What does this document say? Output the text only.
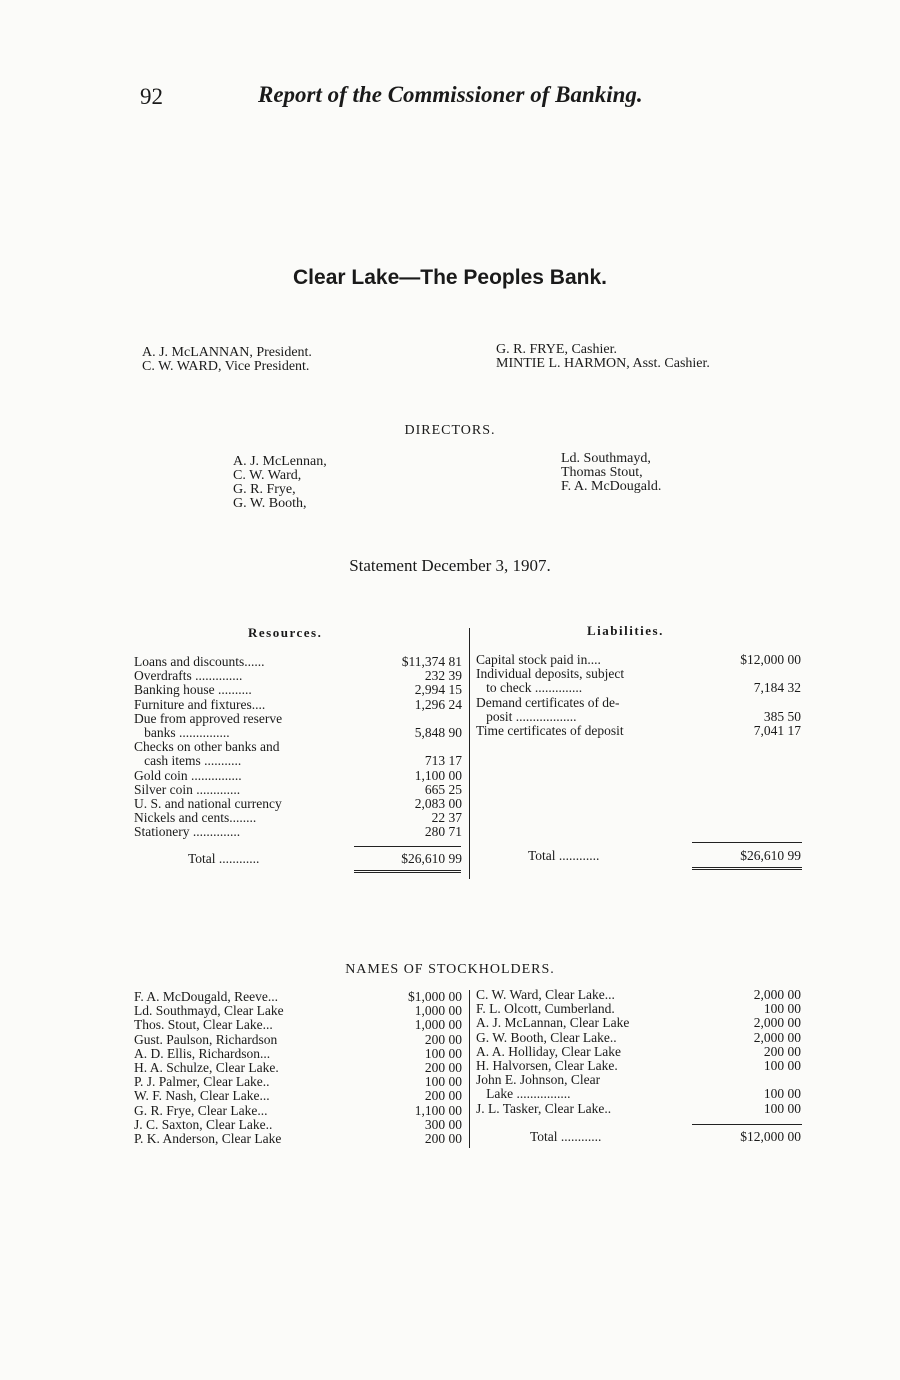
92	Report of the Commissioner of Banking.
Clear Lake—The Peoples Bank.
A. J. McLANNAN, President.
C. W. WARD, Vice President.
G. R. FRYE, Cashier.
MINTIE L. HARMON, Asst. Cashier.
DIRECTORS.
A. J. McLennan,
C. W. Ward,
G. R. Frye,
G. W. Booth,
Ld. Southmayd,
Thomas Stout,
F. A. McDougald.
Statement December 3, 1907.
Resources.	Liabilities.
Loans and discounts......	$11,374 81
Overdrafts ..............	232 39
Banking house ..........	2,994 15
Furniture and fixtures....	1,296 24
Due from approved reserve
banks ...............	5,848 90
Checks on other banks and
cash items ...........	713 17
Gold coin ...............	1,100 00
Silver coin .............	665 25
U. S. and national currency	2,083 00
Nickels and cents........	22 37
Stationery ..............	280 71
Total ............	$26,610 99
Capital stock paid in....	$12,000 00
Individual deposits, subject
to check ..............	7,184 32
Demand certificates of de-
posit ..................	385 50
Time certificates of deposit	7,041 17
Total ............	$26,610 99
NAMES OF STOCKHOLDERS.
F. A. McDougald, Reeve...	$1,000 00
Ld. Southmayd, Clear Lake	1,000 00
Thos. Stout, Clear Lake...	1,000 00
Gust. Paulson, Richardson	200 00
A. D. Ellis, Richardson...	100 00
H. A. Schulze, Clear Lake.	200 00
P. J. Palmer, Clear Lake..	100 00
W. F. Nash, Clear Lake...	200 00
G. R. Frye, Clear Lake...	1,100 00
J. C. Saxton, Clear Lake..	300 00
P. K. Anderson, Clear Lake	200 00
C. W. Ward, Clear Lake...	2,000 00
F. L. Olcott, Cumberland.	100 00
A. J. McLannan, Clear Lake	2,000 00
G. W. Booth, Clear Lake..	2,000 00
A. A. Holliday, Clear Lake	200 00
H. Halvorsen, Clear Lake.	100 00
John E. Johnson, Clear
Lake ................	100 00
J. L. Tasker, Clear Lake..	100 00
Total ............	$12,000 00
